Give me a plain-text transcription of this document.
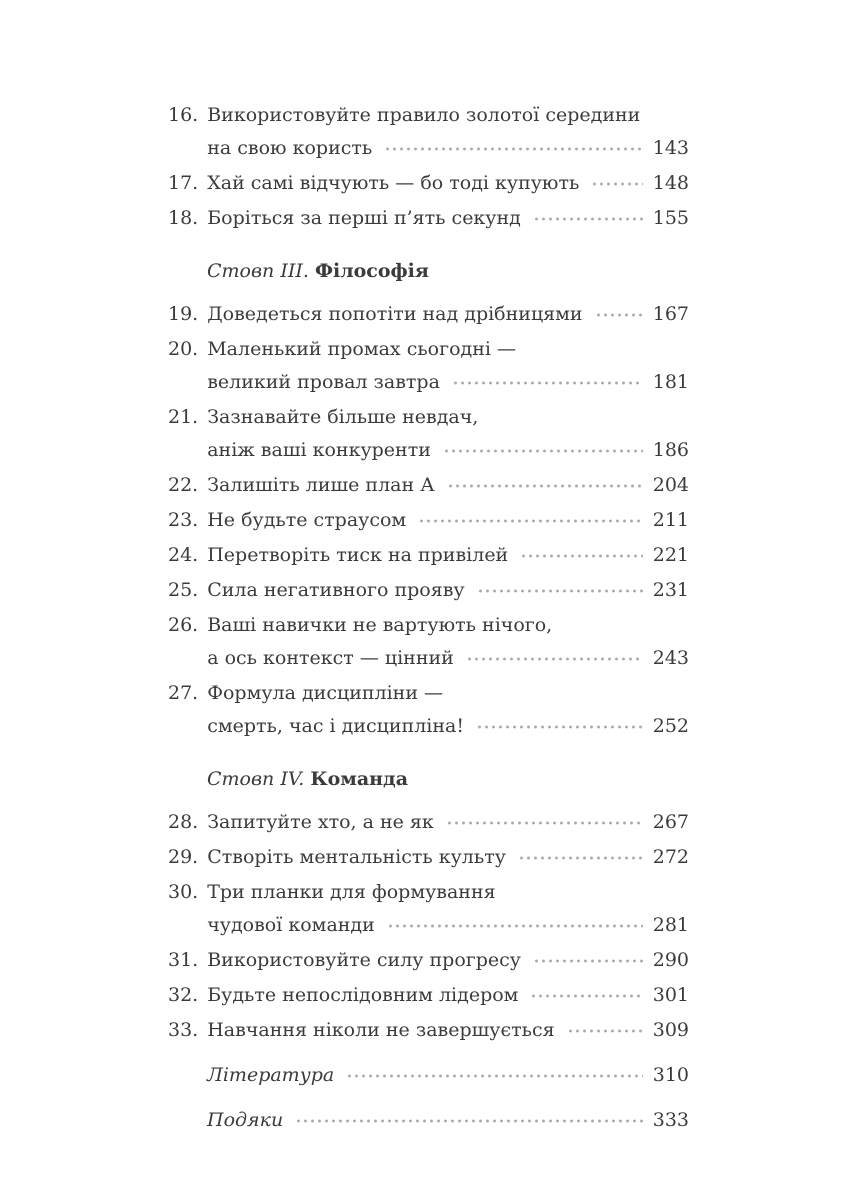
16. Використовуйте правило золотої середини
на свою користь	143
17. Хай самі відчують — бо тоді купують	148
18. Боріться за перші п’ять секунд	155
Стовп III. Філософія
19. Доведеться попотіти над дрібницями	167
20. Маленький промах сьогодні —
великий провал завтра	181
21. Зазнавайте більше невдач,
аніж ваші конкуренти	186
22. Залишіть лише план А	204
23. Не будьте страусом	211
24. Перетворіть тиск на привілей	221
25. Сила негативного прояву	231
26. Ваші навички не вартують нічого,
а ось контекст — цінний	243
27. Формула дисципліни —
смерть, час і дисципліна!	252
Стовп IV. Команда
28. Запитуйте хто, а не як	267
29. Створіть ментальність культу	272
30. Три планки для формування
чудової команди	281
31. Використовуйте силу прогресу	290
32. Будьте непослідовним лідером	301
33. Навчання ніколи не завершується	309
Література	310
Подяки	333
